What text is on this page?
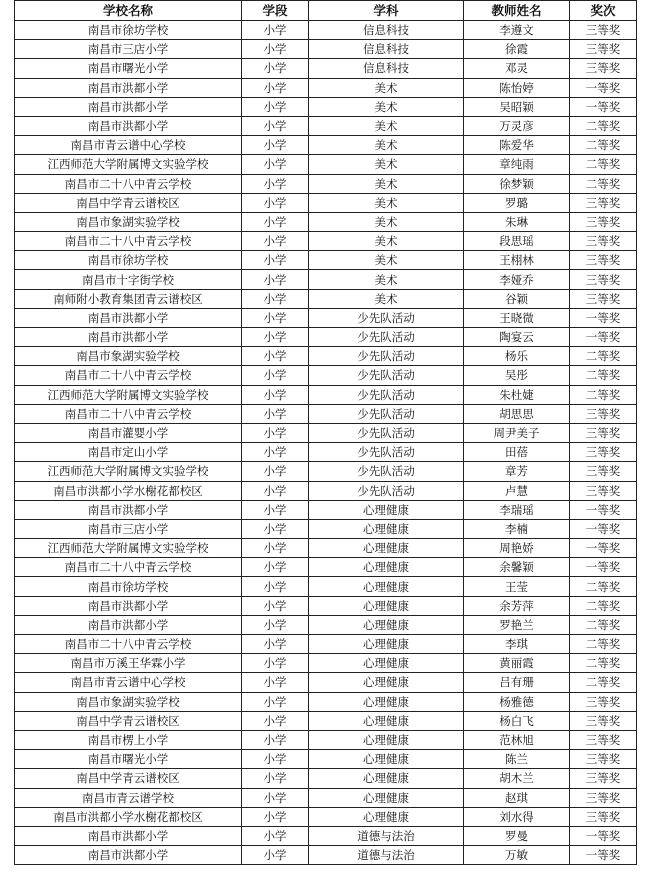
学校名称	学段	学科	教师姓名	奖次
南昌市徐坊学校	小学	信息科技	李遵文	三等奖
南昌市三店小学	小学	信息科技	徐霞	三等奖
南昌市曙光小学	小学	信息科技	邓灵	三等奖
南昌市洪都小学	小学	美术	陈怡婷	一等奖
南昌市洪都小学	小学	美术	吴昭颖	一等奖
南昌市洪都小学	小学	美术	万灵彦	二等奖
南昌市青云谱中心学校	小学	美术	陈爱华	二等奖
江西师范大学附属博文实验学校	小学	美术	章纯雨	二等奖
南昌市二十八中青云学校	小学	美术	徐梦颖	二等奖
南昌中学青云谱校区	小学	美术	罗璐	三等奖
南昌市象湖实验学校	小学	美术	朱琳	三等奖
南昌市二十八中青云学校	小学	美术	段思瑶	三等奖
南昌市徐坊学校	小学	美术	王栩林	三等奖
南昌市十字街学校	小学	美术	李娅乔	三等奖
南师附小教育集团青云谱校区	小学	美术	谷颖	三等奖
南昌市洪都小学	小学	少先队活动	王晓微	一等奖
南昌市洪都小学	小学	少先队活动	陶宴云	一等奖
南昌市象湖实验学校	小学	少先队活动	杨乐	二等奖
南昌市二十八中青云学校	小学	少先队活动	吴彤	二等奖
江西师范大学附属博文实验学校	小学	少先队活动	朱杜婕	二等奖
南昌市二十八中青云学校	小学	少先队活动	胡思思	三等奖
南昌市灌婴小学	小学	少先队活动	周尹美子	三等奖
南昌市定山小学	小学	少先队活动	田蓓	三等奖
江西师范大学附属博文实验学校	小学	少先队活动	章芳	三等奖
南昌市洪都小学水榭花都校区	小学	少先队活动	卢慧	三等奖
南昌市洪都小学	小学	心理健康	李瑞瑶	一等奖
南昌市三店小学	小学	心理健康	李楠	一等奖
江西师范大学附属博文实验学校	小学	心理健康	周艳娇	一等奖
南昌市二十八中青云学校	小学	心理健康	余馨颖	一等奖
南昌市徐坊学校	小学	心理健康	王莹	二等奖
南昌市洪都小学	小学	心理健康	余芳萍	二等奖
南昌市洪都小学	小学	心理健康	罗艳兰	二等奖
南昌市二十八中青云学校	小学	心理健康	李琪	二等奖
南昌市万溪王华霖小学	小学	心理健康	黄丽霞	二等奖
南昌市青云谱中心学校	小学	心理健康	吕有珊	二等奖
南昌市象湖实验学校	小学	心理健康	杨雅德	三等奖
南昌中学青云谱校区	小学	心理健康	杨白飞	三等奖
南昌市楞上小学	小学	心理健康	范林旭	三等奖
南昌市曙光小学	小学	心理健康	陈兰	三等奖
南昌中学青云谱校区	小学	心理健康	胡木兰	三等奖
南昌市青云谱学校	小学	心理健康	赵琪	三等奖
南昌市洪都小学水榭花都校区	小学	心理健康	刘水得	三等奖
南昌市洪都小学	小学	道德与法治	罗曼	一等奖
南昌市洪都小学	小学	道德与法治	万敏	一等奖
